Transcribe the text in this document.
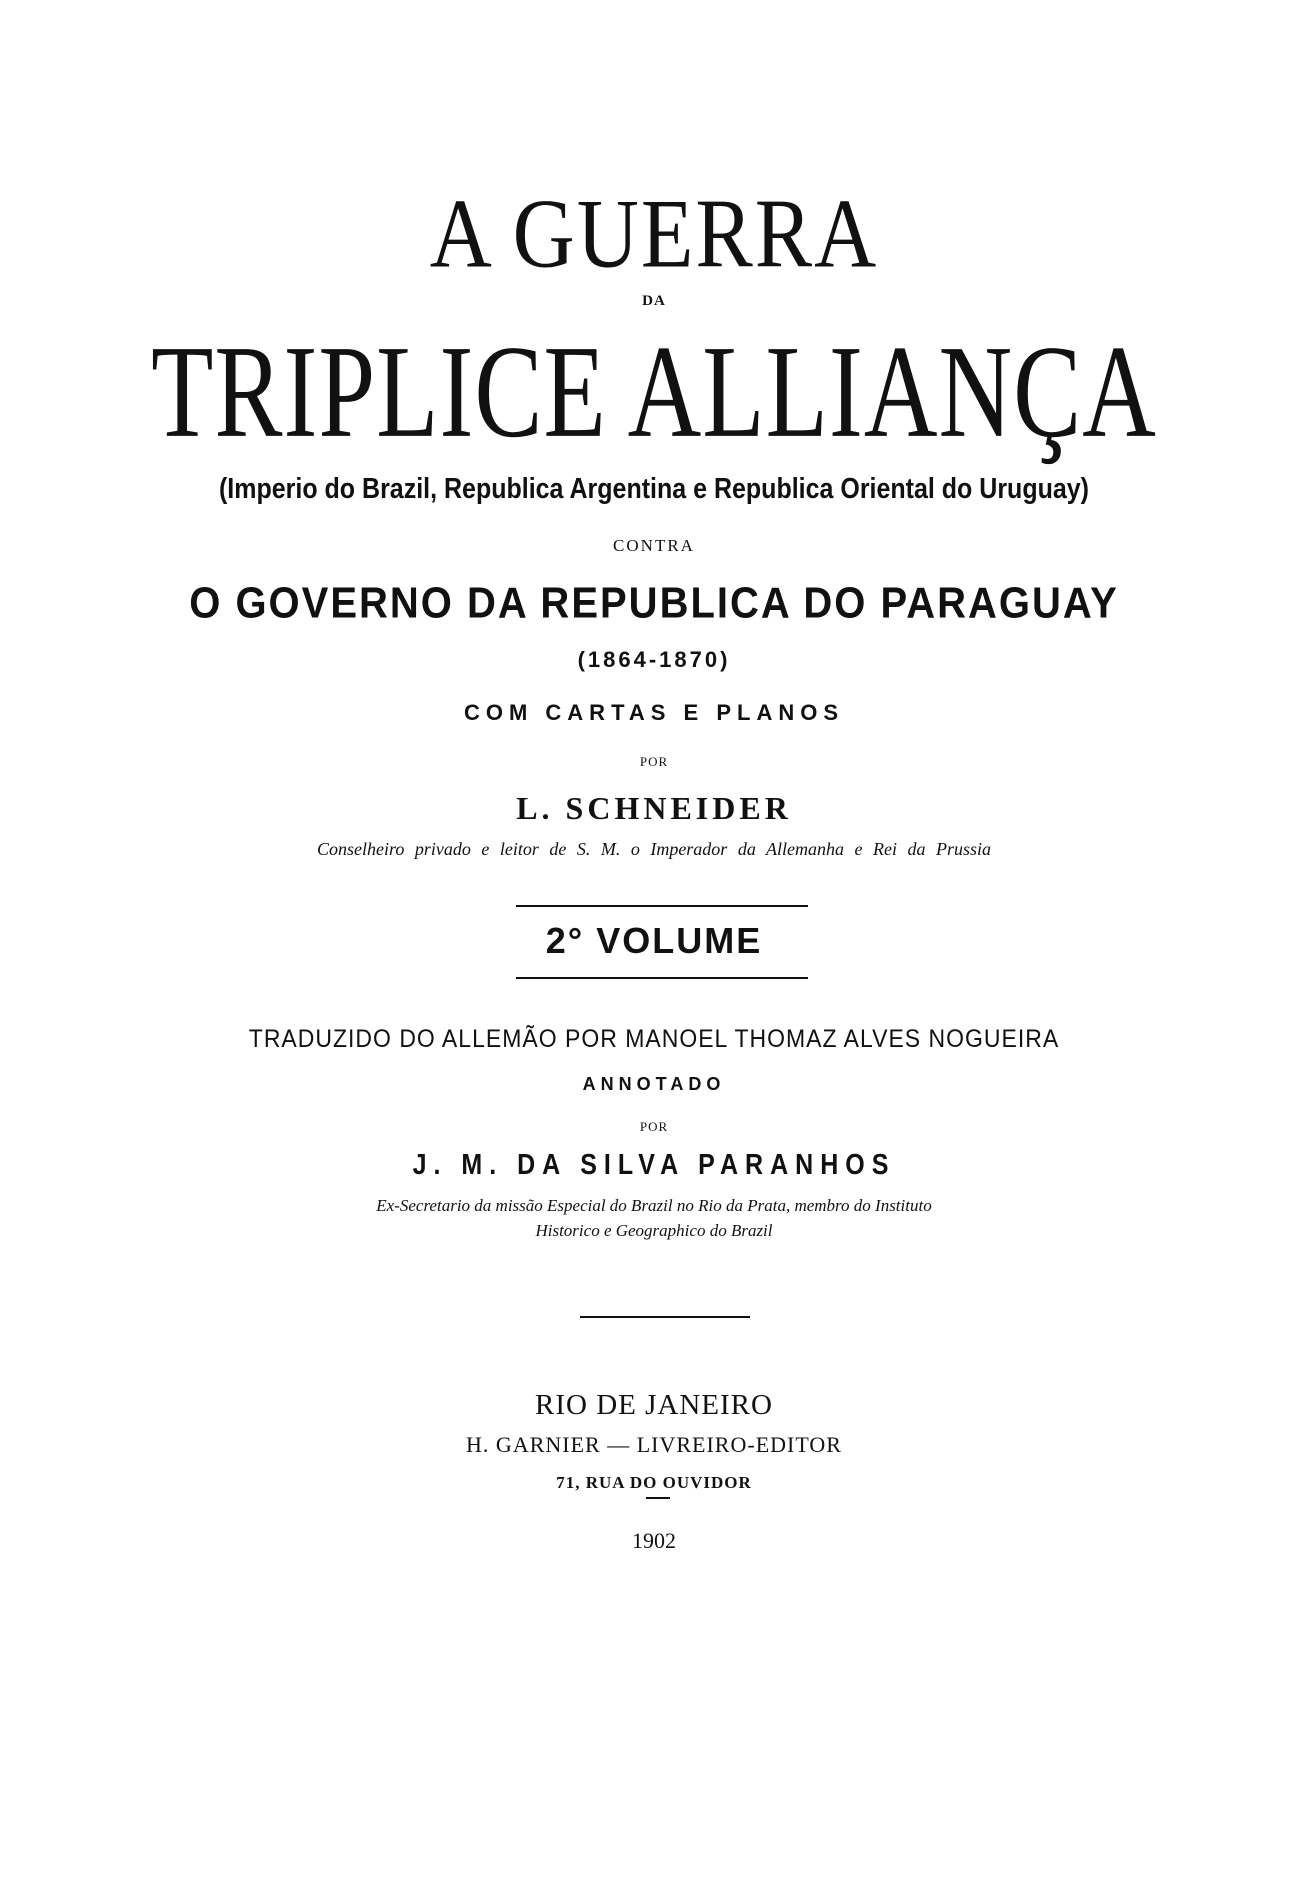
A GUERRA
DA
TRIPLICE ALLIANÇA
(Imperio do Brazil, Republica Argentina e Republica Oriental do Uruguay)
CONTRA
O GOVERNO DA REPUBLICA DO PARAGUAY
(1864-1870)
COM CARTAS E PLANOS
POR
L. SCHNEIDER
Conselheiro privado e leitor de S. M. o Imperador da Allemanha e Rei da Prussia
2° VOLUME
TRADUZIDO DO ALLEMÃO POR MANOEL THOMAZ ALVES NOGUEIRA
ANNOTADO
POR
J. M. DA SILVA PARANHOS
Ex-Secretario da missão Especial do Brazil no Rio da Prata, membro do Instituto
Historico e Geographico do Brazil
RIO DE JANEIRO
H. GARNIER — LIVREIRO-EDITOR
71, RUA DO OUVIDOR
1902
